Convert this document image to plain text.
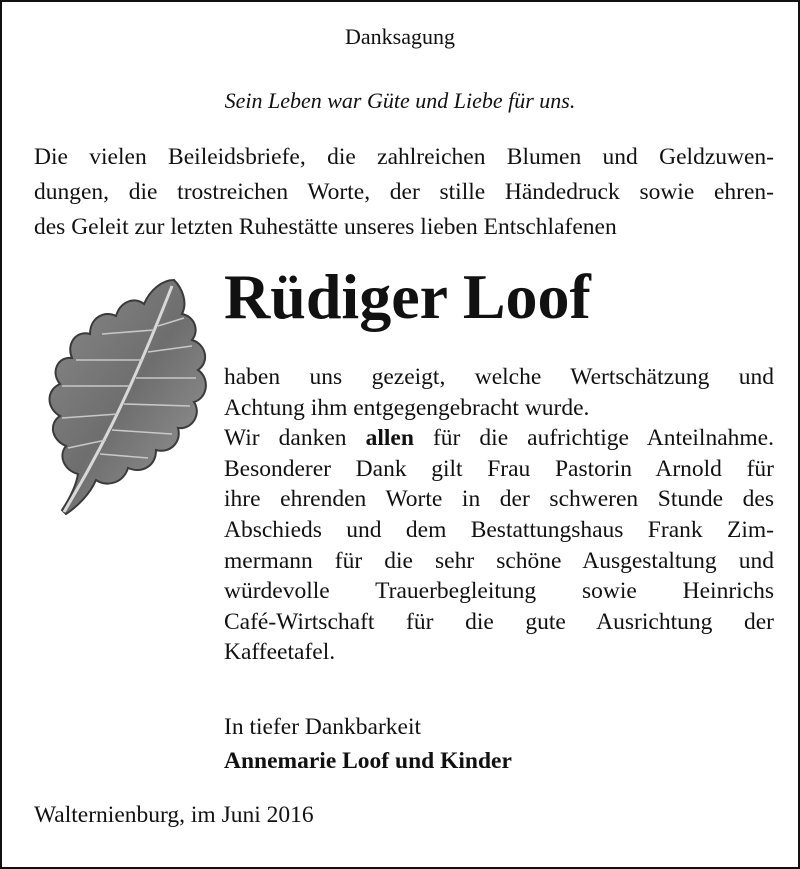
Danksagung
Sein Leben war Güte und Liebe für uns.
Die vielen Beileidsbriefe, die zahlreichen Blumen und Geldzuwen-
dungen, die trostreichen Worte, der stille Händedruck sowie ehren-
des Geleit zur letzten Ruhestätte unseres lieben Entschlafenen
Rüdiger Loof
haben uns gezeigt, welche Wertschätzung und
Achtung ihm entgegengebracht wurde.
Wir danken allen für die aufrichtige Anteilnahme.
Besonderer Dank gilt Frau Pastorin Arnold für
ihre ehrenden Worte in der schweren Stunde des
Abschieds und dem Bestattungshaus Frank Zim-
mermann für die sehr schöne Ausgestaltung und
würdevolle Trauerbegleitung sowie Heinrichs
Café-Wirtschaft für die gute Ausrichtung der
Kaffeetafel.
In tiefer Dankbarkeit
Annemarie Loof und Kinder
Walternienburg, im Juni 2016
